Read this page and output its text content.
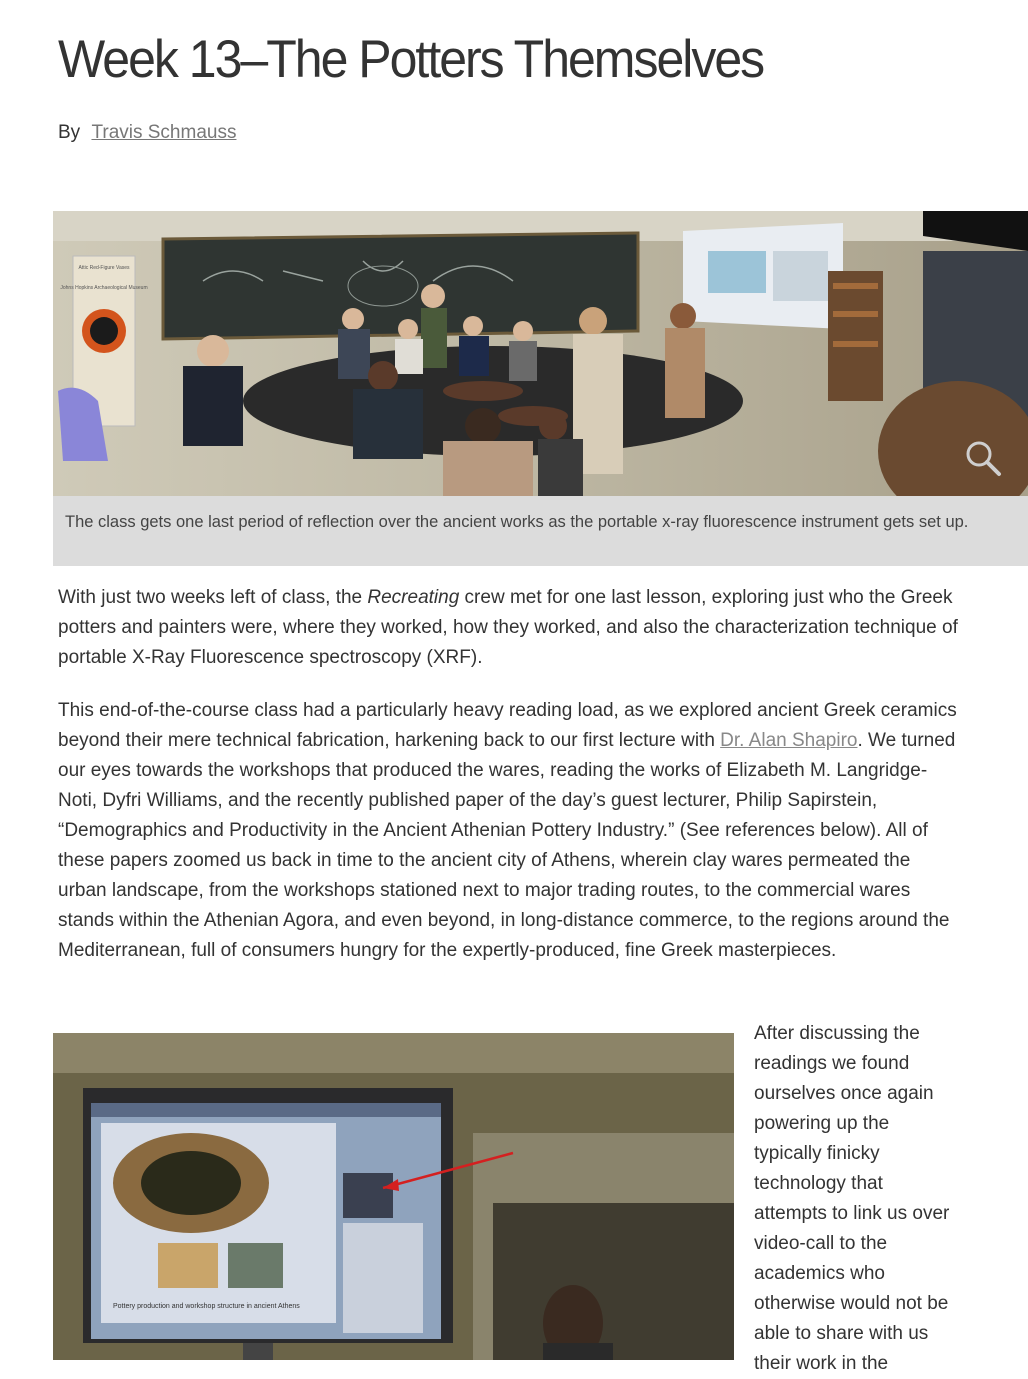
Week 13–The Potters Themselves
By Travis Schmauss
Attic Red-Figure Vases
Johns Hopkins Archaeological Museum
The class gets one last period of reflection over the ancient works as the portable x-ray fluorescence instrument gets set up.

With just two weeks left of class, the Recreating crew met for one last lesson, exploring just who the Greek potters and painters were, where they worked, how they worked, and also the characterization technique of portable X-Ray Fluorescence spectroscopy (XRF).

This end-of-the-course class had a particularly heavy reading load, as we explored ancient Greek ceramics beyond their mere technical fabrication, harkening back to our first lecture with Dr. Alan Shapiro. We turned our eyes towards the workshops that produced the wares, reading the works of Elizabeth M. Langridge-Noti, Dyfri Williams, and the recently published paper of the day’s guest lecturer, Philip Sapirstein, “Demographics and Productivity in the Ancient Athenian Pottery Industry.” (See references below). All of these papers zoomed us back in time to the ancient city of Athens, wherein clay wares permeated the urban landscape, from the workshops stationed next to major trading routes, to the commercial wares stands within the Athenian Agora, and even beyond, in long-distance commerce, to the regions around the Mediterranean, full of consumers hungry for the expertly-produced, fine Greek masterpieces.

Pottery production and workshop structure in ancient Athens

After discussing the readings we found ourselves once again powering up the typically finicky technology that attempts to link us over video-call to the academics who otherwise would not be able to share with us their work in the
